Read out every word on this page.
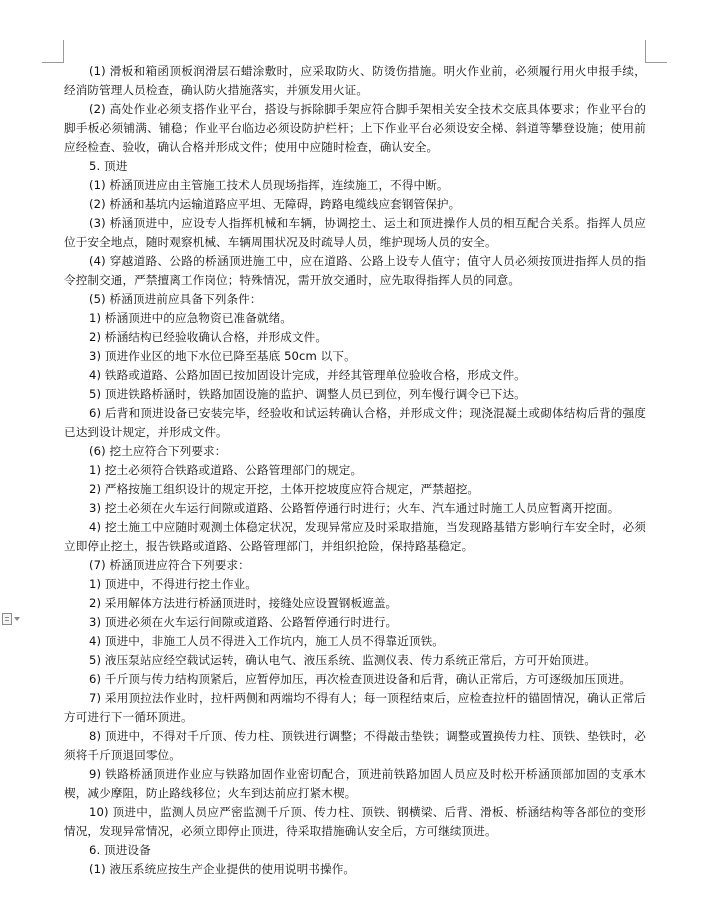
(1) 滑板和箱函顶板润滑层石蜡涂敷时，应采取防火、防烫伤措施。明火作业前，必须履行用火申报手续，经消防管理人员检查，确认防火措施落实，并颁发用火证。

(2) 高处作业必须支搭作业平台，搭设与拆除脚手架应符合脚手架相关安全技术交底具体要求；作业平台的脚手板必须铺满、铺稳；作业平台临边必须设防护栏杆；上下作业平台必须设安全梯、斜道等攀登设施；使用前应经检查、验收，确认合格并形成文件；使用中应随时检查，确认安全。

5. 顶进

(1) 桥涵顶进应由主管施工技术人员现场指挥，连续施工，不得中断。

(2) 桥涵和基坑内运输道路应平坦、无障碍，跨路电缆线应套钢管保护。

(3) 桥涵顶进中，应设专人指挥机械和车辆，协调挖土、运土和顶进操作人员的相互配合关系。指挥人员应位于安全地点，随时观察机械、车辆周围状况及时疏导人员，维护现场人员的安全。

(4) 穿越道路、公路的桥涵顶进施工中，应在道路、公路上设专人值守；值守人员必须按顶进指挥人员的指令控制交通，严禁擅离工作岗位；特殊情况，需开放交通时，应先取得指挥人员的同意。

(5) 桥涵顶进前应具备下列条件：

1) 桥涵顶进中的应急物资已准备就绪。

2) 桥涵结构已经验收确认合格，并形成文件。

3) 顶进作业区的地下水位已降至基底 50cm 以下。

4) 铁路或道路、公路加固已按加固设计完成，并经其管理单位验收合格，形成文件。

5) 顶进铁路桥涵时，铁路加固设施的监护、调整人员已到位，列车慢行调令已下达。

6) 后背和顶进设备已安装完毕，经验收和试运转确认合格，并形成文件；现浇混凝土或砌体结构后背的强度已达到设计规定，并形成文件。

(6) 挖土应符合下列要求：

1) 挖土必须符合铁路或道路、公路管理部门的规定。

2) 严格按施工组织设计的规定开挖，土体开挖坡度应符合规定，严禁超挖。

3) 挖土必须在火车运行间隙或道路、公路暂停通行时进行；火车、汽车通过时施工人员应暂离开挖面。

4) 挖土施工中应随时观测土体稳定状况，发现异常应及时采取措施，当发现路基错方影响行车安全时，必须立即停止挖土，报告铁路或道路、公路管理部门，并组织抢险，保持路基稳定。

(7) 桥涵顶进应符合下列要求：

1) 顶进中，不得进行挖土作业。

2) 采用解体方法进行桥涵顶进时，接缝处应设置钢板遮盖。

3) 顶进必须在火车运行间隙或道路、公路暂停通行时进行。

4) 顶进中，非施工人员不得进入工作坑内，施工人员不得靠近顶铁。

5) 液压泵站应经空载试运转，确认电气、液压系统、监测仪表、传力系统正常后，方可开始顶进。

6) 千斤顶与传力结构顶紧后，应暂停加压，再次检查顶进设备和后背，确认正常后，方可逐级加压顶进。

7) 采用顶拉法作业时，拉杆两侧和两端均不得有人；每一顶程结束后，应检查拉杆的锚固情况，确认正常后方可进行下一循环顶进。

8) 顶进中，不得对千斤顶、传力柱、顶铁进行调整；不得敲击垫铁；调整或置换传力柱、顶铁、垫铁时，必须将千斤顶退回零位。

9) 铁路桥涵顶进作业应与铁路加固作业密切配合，顶进前铁路加固人员应及时松开桥涵顶部加固的支承木楔，减少摩阻，防止路线移位；火车到达前应打紧木楔。

10) 顶进中，监测人员应严密监测千斤顶、传力柱、顶铁、钢横梁、后背、滑板、桥涵结构等各部位的变形情况，发现异常情况，必须立即停止顶进，待采取措施确认安全后，方可继续顶进。

6. 顶进设备

(1) 液压系统应按生产企业提供的使用说明书操作。
